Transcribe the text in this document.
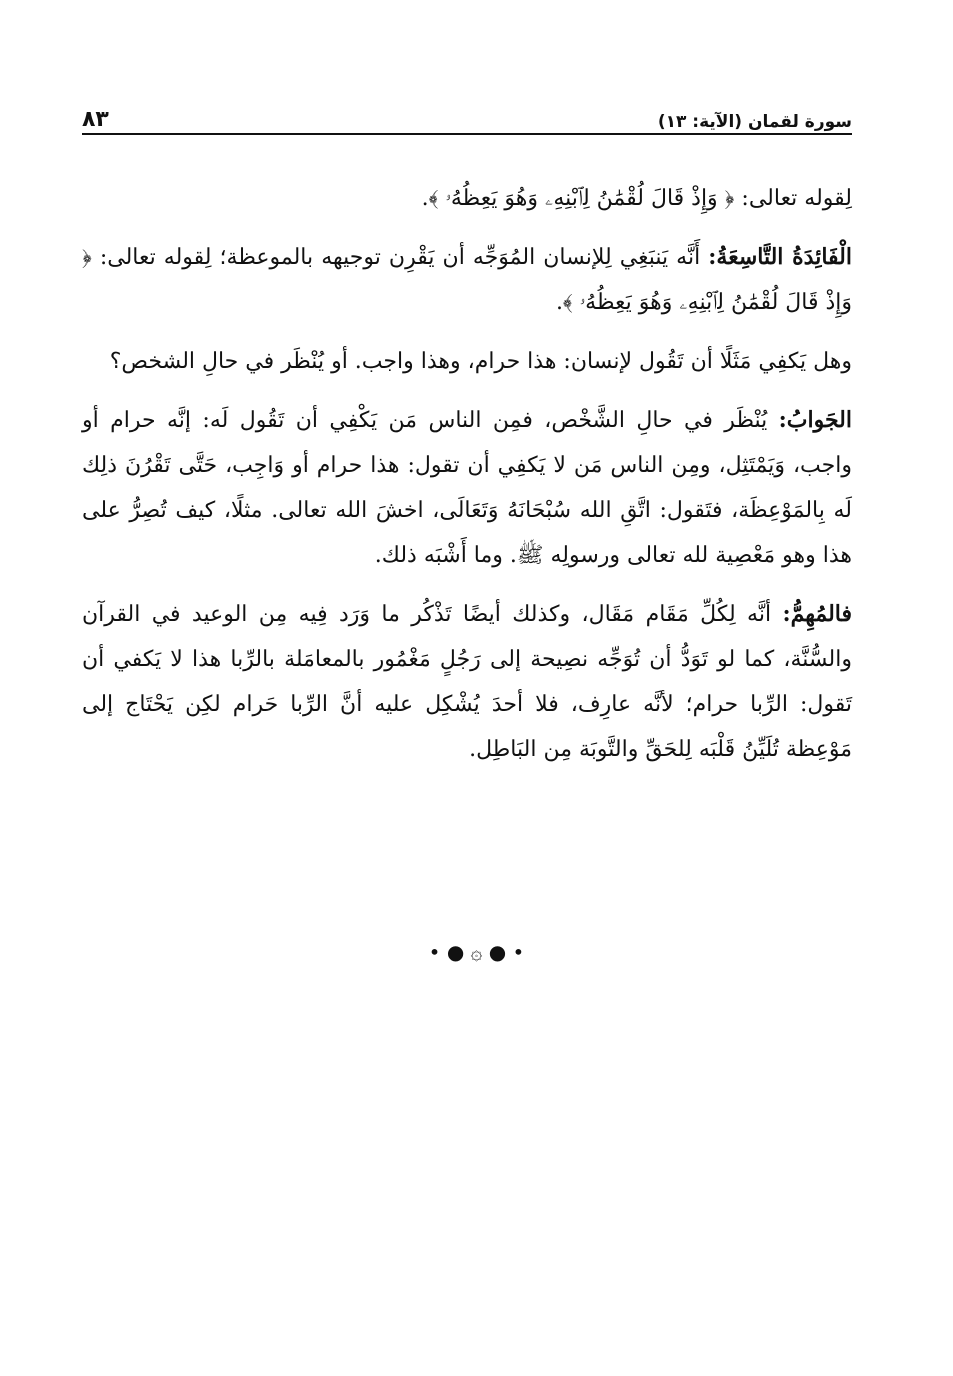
سورة لقمان (الآية: ١٣)
٨٣

لِقوله تعالى: ﴿ وَإِذْ قَالَ لُقْمَٰنُ لِٱبْنِهِۦ وَهُوَ يَعِظُهُۥ ﴾.

الْفَائِدَةُ التَّاسِعَةُ: أَنَّه يَنبَغِي لِلإنسان المُوَجِّه أن يَقْرِن توجيهه بالموعظة؛ لِقوله تعالى: ﴿ وَإِذْ قَالَ لُقْمَٰنُ لِٱبْنِهِۦ وَهُوَ يَعِظُهُۥ ﴾.

وهل يَكفِي مَثَلًا أن تَقُول لإنسان: هذا حرام، وهذا واجب. أو يُنْظَر في حالِ الشخص؟

الجَوابُ: يُنْظَر في حالِ الشَّخْص، فمِن الناس مَن يَكْفِي أن تَقُول لَه: إنَّه حرام أو واجب، وَيَمْتَثِل، ومِن الناس مَن لا يَكفِي أن تقول: هذا حرام أو وَاجِب، حَتَّى تَقْرُنَ ذلِك لَه بِالمَوْعِظَة، فتَقول: اتَّقِ الله سُبْحَانَهُ وَتَعَالَى، اخشَ الله تعالى. مثلًا، كيف تُصِرُّ على هذا وهو مَعْصِية لله تعالى ورسولِه ﷺ. وما أَشْبَه ذلك.

فالمُهِمُّ: أنَّه لِكُلِّ مَقَام مَقَال، وكذلك أيضًا تَذْكُر ما وَرَد فِيه مِن الوعيد في القرآن والسُّنَّة، كما لو تَوَدُّ أن تُوَجِّه نصِيحة إلى رَجُلٍ مَغْمُور بالمعامَلة بالرِّبا هذا لا يَكفي أن تَقول: الرِّبا حرام؛ لأنَّه عارِف، فلا أحدَ يُشْكِل عليه أنَّ الرِّبا حَرام لكِن يَحْتَاج إلى مَوْعِظة تُلَيِّنُ قَلْبَه لِلحَقِّ والتَّوبَة مِن البَاطِل.

• ● ۞ ● •
